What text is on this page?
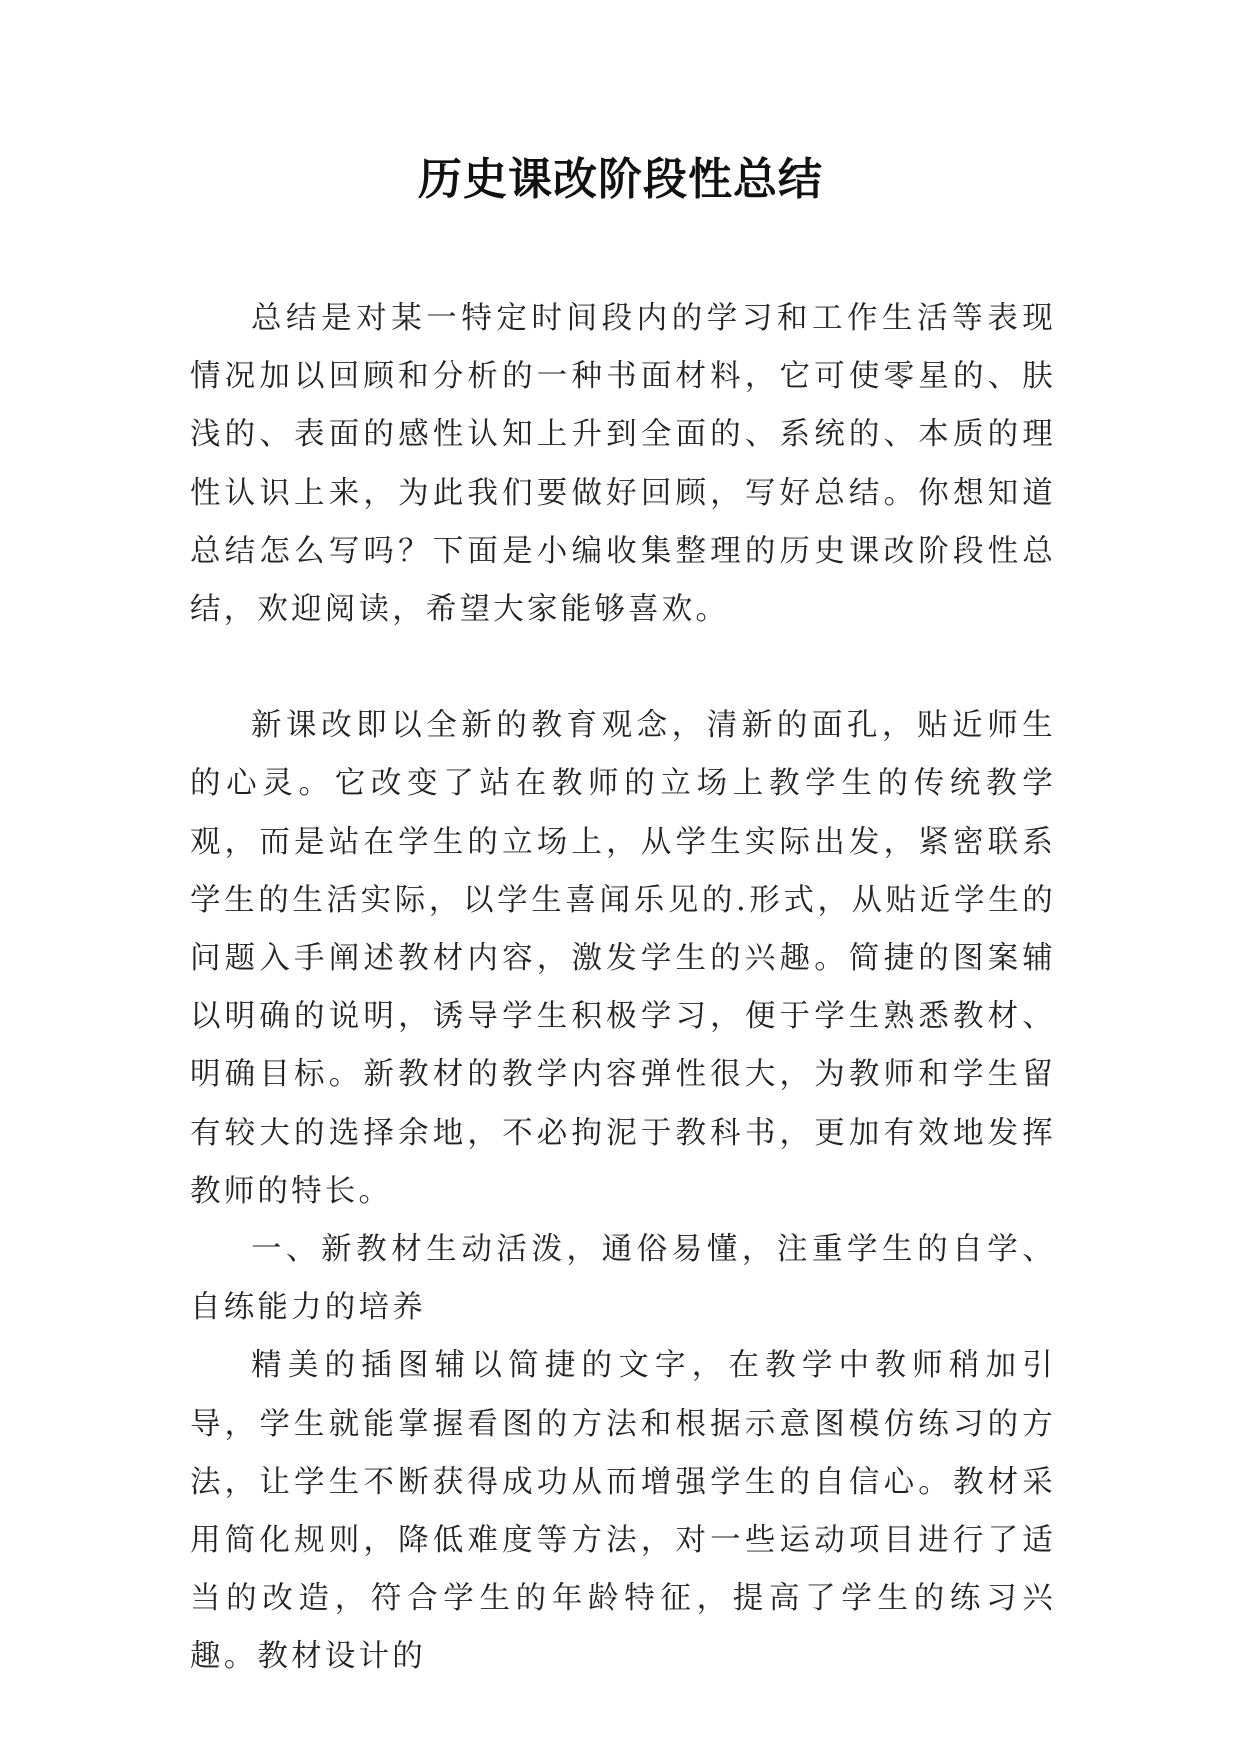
历史课改阶段性总结

总结是对某一特定时间段内的学习和工作生活等表现情况加以回顾和分析的一种书面材料，它可使零星的、肤浅的、表面的感性认知上升到全面的、系统的、本质的理性认识上来，为此我们要做好回顾，写好总结。你想知道总结怎么写吗？下面是小编收集整理的历史课改阶段性总结，欢迎阅读，希望大家能够喜欢。

新课改即以全新的教育观念，清新的面孔，贴近师生的心灵。它改变了站在教师的立场上教学生的传统教学观，而是站在学生的立场上，从学生实际出发，紧密联系学生的生活实际，以学生喜闻乐见的.形式，从贴近学生的问题入手阐述教材内容，激发学生的兴趣。简捷的图案辅以明确的说明，诱导学生积极学习，便于学生熟悉教材、明确目标。新教材的教学内容弹性很大，为教师和学生留有较大的选择余地，不必拘泥于教科书，更加有效地发挥教师的特长。

一、新教材生动活泼，通俗易懂，注重学生的自学、自练能力的培养

精美的插图辅以简捷的文字，在教学中教师稍加引导，学生就能掌握看图的方法和根据示意图模仿练习的方法，让学生不断获得成功从而增强学生的自信心。教材采用简化规则，降低难度等方法，对一些运动项目进行了适当的改造，符合学生的年龄特征，提高了学生的练习兴趣。教材设计的
